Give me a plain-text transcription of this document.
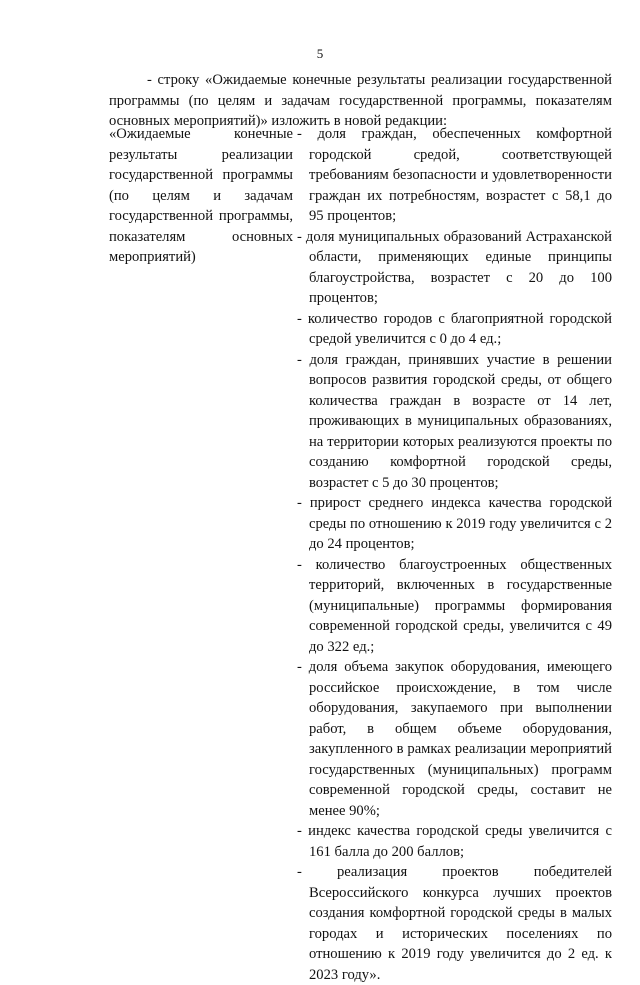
5

- строку «Ожидаемые конечные результаты реализации государственной программы (по целям и задачам государственной программы, показателям основных мероприятий)» изложить в новой редакции:

«Ожидаемые конечные результаты реализации государственной программы (по целям и задачам государственной программы, показателям основных мероприятий)

- доля граждан, обеспеченных комфортной городской средой, соответствующей требованиям безопасности и удовлетворенности граждан их потребностям, возрастет с 58,1 до 95 процентов;

- доля муниципальных образований Астраханской области, применяющих единые принципы благоустройства, возрастет с 20 до 100 процентов;

- количество городов с благоприятной городской средой увеличится с 0 до 4 ед.;

- доля граждан, принявших участие в решении вопросов развития городской среды, от общего количества граждан в возрасте от 14 лет, проживающих в муниципальных образованиях, на территории которых реализуются проекты по созданию комфортной городской среды, возрастет с 5 до 30 процентов;

- прирост среднего индекса качества городской среды по отношению к 2019 году увеличится с 2 до 24 процентов;

- количество благоустроенных общественных территорий, включенных в государственные (муниципальные) программы формирования современной городской среды, увеличится с 49 до 322 ед.;

- доля объема закупок оборудования, имеющего российское происхождение, в том числе оборудования, закупаемого при выполнении работ, в общем объеме оборудования, закупленного в рамках реализации мероприятий государственных (муниципальных) программ современной городской среды, составит не менее 90%;

- индекс качества городской среды увеличится с 161 балла до 200 баллов;

- реализация проектов победителей Всероссийского конкурса лучших проектов создания комфортной городской среды в малых городах и исторических поселениях по отношению к 2019 году увеличится до 2 ед. к 2023 году».
